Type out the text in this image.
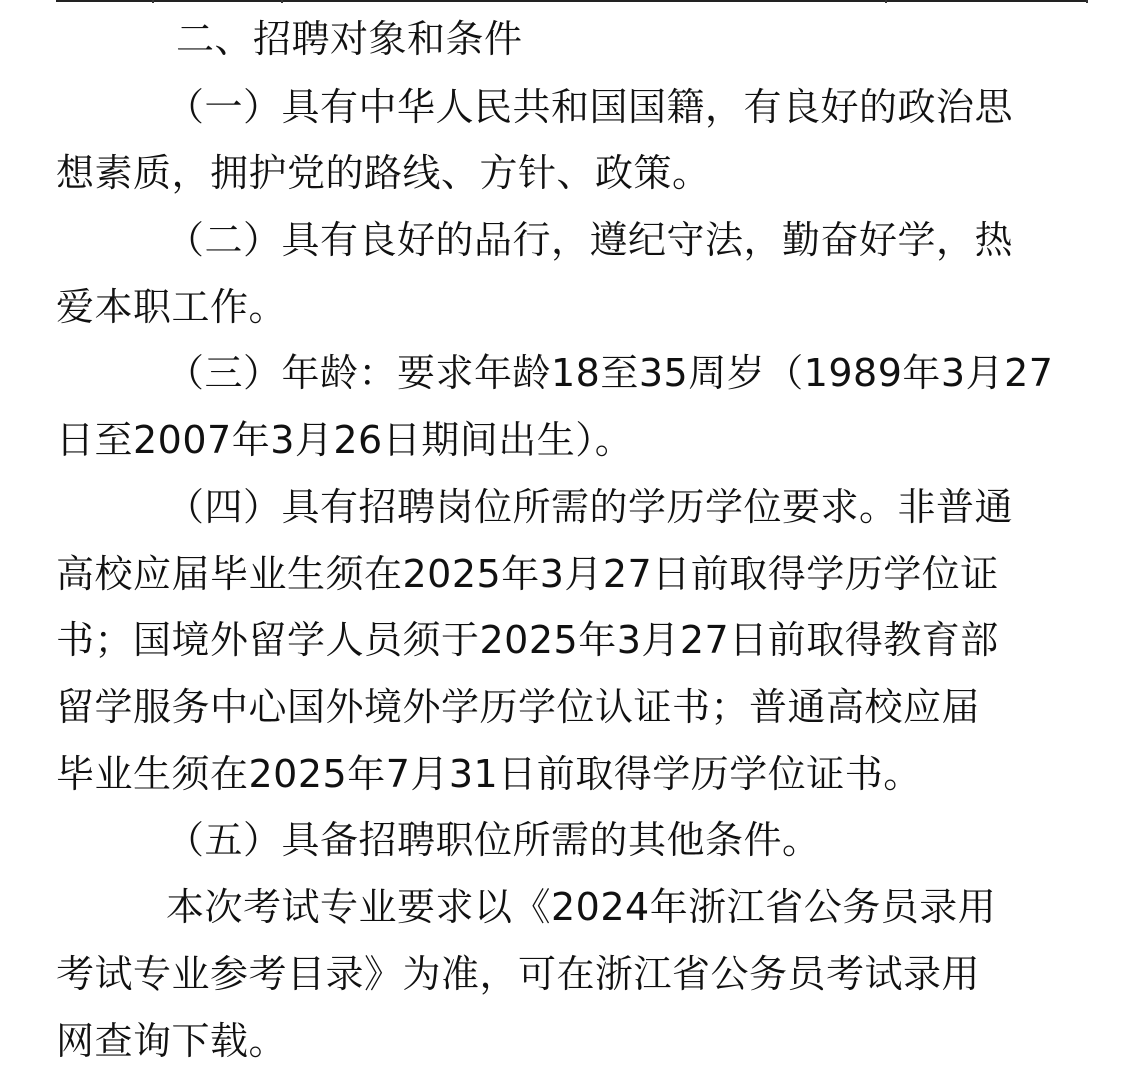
二、招聘对象和条件
（一）具有中华人民共和国国籍，有良好的政治思
想素质，拥护党的路线、方针、政策。
（二）具有良好的品行，遵纪守法，勤奋好学，热
爱本职工作。
（三）年龄：要求年龄18至35周岁（1989年3月27
日至2007年3月26日期间出生）。
（四）具有招聘岗位所需的学历学位要求。非普通
高校应届毕业生须在2025年3月27日前取得学历学位证
书；国境外留学人员须于2025年3月27日前取得教育部
留学服务中心国外境外学历学位认证书；普通高校应届
毕业生须在2025年7月31日前取得学历学位证书。
（五）具备招聘职位所需的其他条件。
本次考试专业要求以《2024年浙江省公务员录用
考试专业参考目录》为准，可在浙江省公务员考试录用
网查询下载。
